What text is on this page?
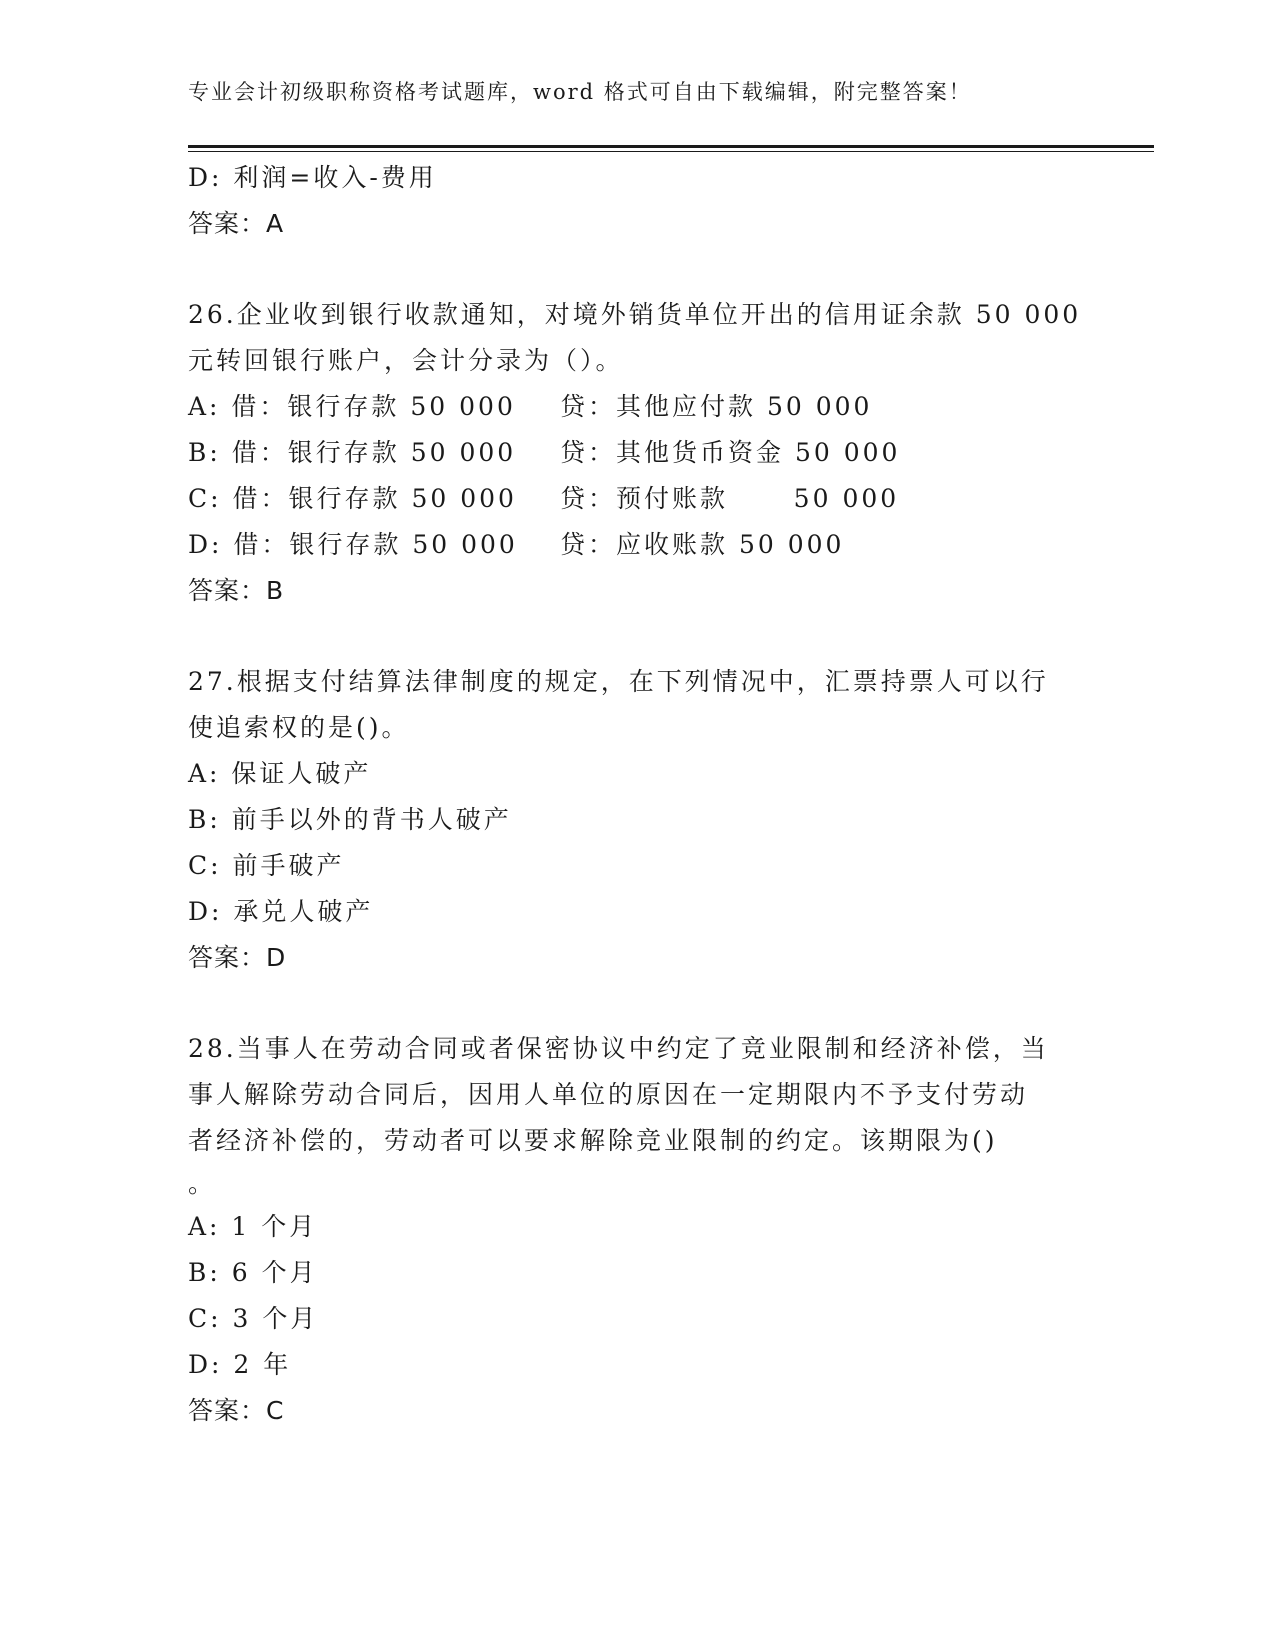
专业会计初级职称资格考试题库，word 格式可自由下载编辑，附完整答案！
D: 利润=收入-费用
答案：A
26.企业收到银行收款通知，对境外销货单位开出的信用证余款 50 000
元转回银行账户，会计分录为（）。
A: 借：银行存款 50 000 贷：其他应付款 50 000 B: 借：银行存款 50 000 贷：其他货币资金 50 000 C: 借：银行存款 50 000 贷：预付账款      50 000 D: 借：银行存款 50 000 贷：应收账款 50 000
答案：B
27.根据支付结算法律制度的规定，在下列情况中，汇票持票人可以行
使追索权的是()。
A: 保证人破产
B: 前手以外的背书人破产
C: 前手破产
D: 承兑人破产
答案：D
28.当事人在劳动合同或者保密协议中约定了竞业限制和经济补偿，当
事人解除劳动合同后，因用人单位的原因在一定期限内不予支付劳动
者经济补偿的，劳动者可以要求解除竞业限制的约定。该期限为()
。
A: 1 个月
B: 6 个月
C: 3 个月
D: 2 年
答案：C
